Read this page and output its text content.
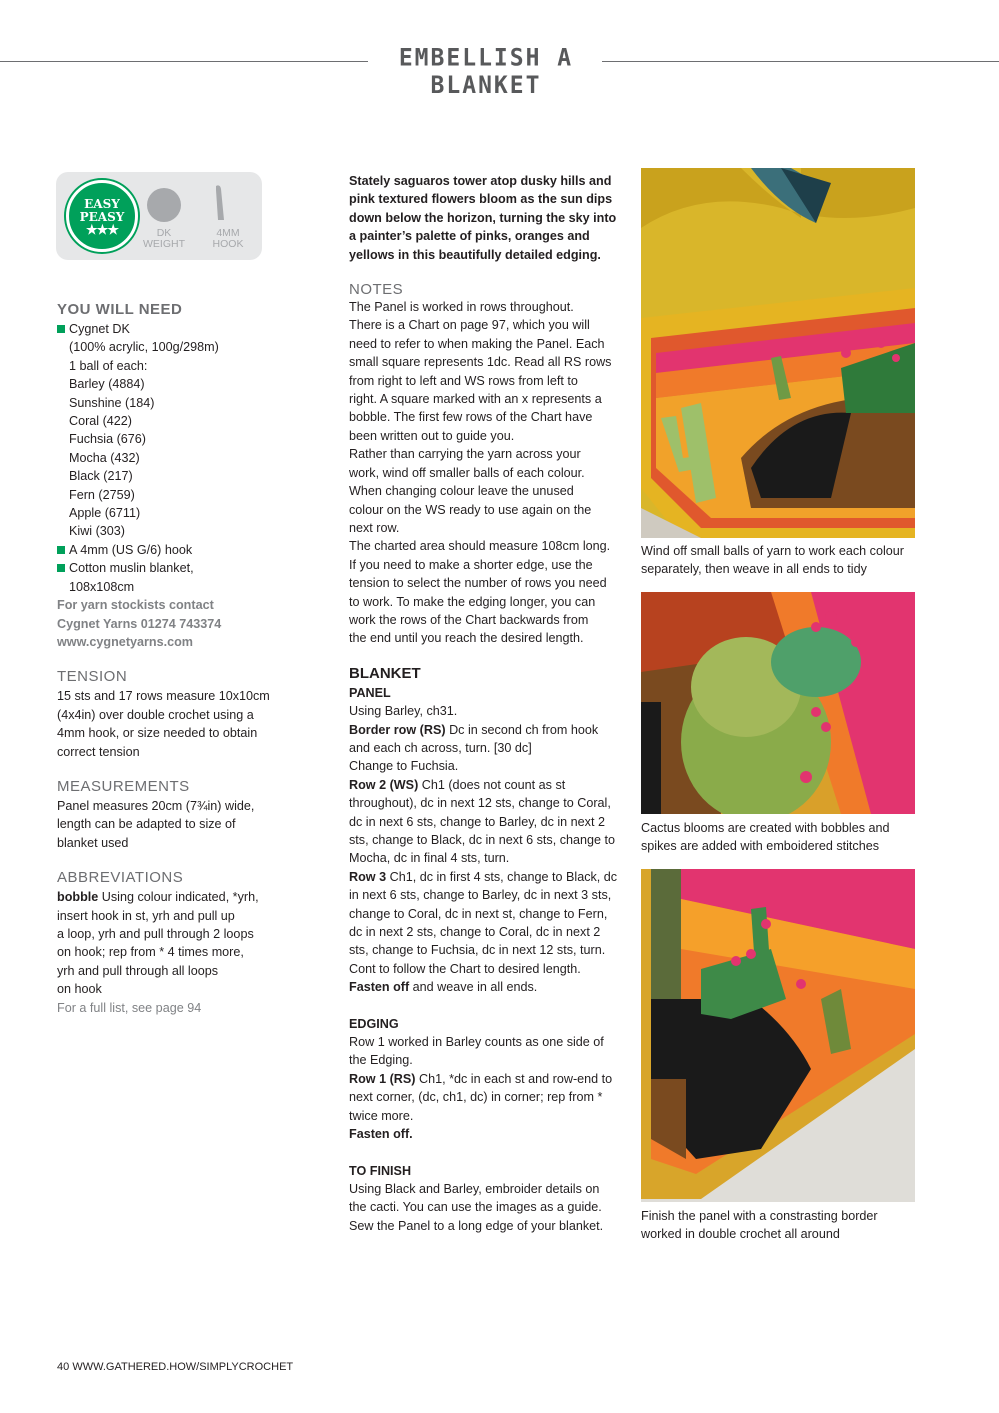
EMBELLISH A BLANKET
EASY
PEASY
★★★	DK
WEIGHT
4MM
HOOK
YOU WILL NEED
Cygnet DK
(100% acrylic, 100g/298m)
1 ball of each:
Barley (4884)
Sunshine (184)
Coral (422)
Fuchsia (676)
Mocha (432)
Black (217)
Fern (2759)
Apple (6711)
Kiwi (303)
A 4mm (US G/6) hook
Cotton muslin blanket,
108x108cm
For yarn stockists contact
Cygnet Yarns 01274 743374
www.cygnetyarns.com
TENSION
15 sts and 17 rows measure 10x10cm
(4x4in) over double crochet using a
4mm hook, or size needed to obtain
correct tension
MEASUREMENTS
Panel measures 20cm (7¾in) wide,
length can be adapted to size of
blanket used
ABBREVIATIONS
bobble Using colour indicated, *yrh,
insert hook in st, yrh and pull up
a loop, yrh and pull through 2 loops
on hook; rep from * 4 times more,
yrh and pull through all loops
on hook
For a full list, see page 94
Stately saguaros tower atop dusky hills and
pink textured flowers bloom as the sun dips
down below the horizon, turning the sky into
a painter’s palette of pinks, oranges and
yellows in this beautifully detailed edging.
NOTES
The Panel is worked in rows throughout.
There is a Chart on page 97, which you will
need to refer to when making the Panel. Each
small square represents 1dc. Read all RS rows
from right to left and WS rows from left to
right. A square marked with an x represents a
bobble. The first few rows of the Chart have
been written out to guide you.
Rather than carrying the yarn across your
work, wind off smaller balls of each colour.
When changing colour leave the unused
colour on the WS ready to use again on the
next row.
The charted area should measure 108cm long.
If you need to make a shorter edge, use the
tension to select the number of rows you need
to work. To make the edging longer, you can
work the rows of the Chart backwards from
the end until you reach the desired length.
BLANKET
PANEL
Using Barley, ch31.
Border row (RS) Dc in second ch from hook
and each ch across, turn. [30 dc]
Change to Fuchsia.
Row 2 (WS) Ch1 (does not count as st
throughout), dc in next 12 sts, change to Coral,
dc in next 6 sts, change to Barley, dc in next 2
sts, change to Black, dc in next 6 sts, change to
Mocha, dc in final 4 sts, turn.
Row 3 Ch1, dc in first 4 sts, change to Black, dc
in next 6 sts, change to Barley, dc in next 3 sts,
change to Coral, dc in next st, change to Fern,
dc in next 2 sts, change to Coral, dc in next 2
sts, change to Fuchsia, dc in next 12 sts, turn.
Cont to follow the Chart to desired length.
Fasten off and weave in all ends.
EDGING
Row 1 worked in Barley counts as one side of
the Edging.
Row 1 (RS) Ch1, *dc in each st and row-end to
next corner, (dc, ch1, dc) in corner; rep from *
twice more.
Fasten off.
TO FINISH
Using Black and Barley, embroider details on
the cacti. You can use the images as a guide.
Sew the Panel to a long edge of your blanket.
Wind off small balls of yarn to work each colour
separately, then weave in all ends to tidy
Cactus blooms are created with bobbles and
spikes are added with emboidered stitches
Finish the panel with a constrasting border
worked in double crochet all around
40 WWW.GATHERED.HOW/SIMPLYCROCHET
